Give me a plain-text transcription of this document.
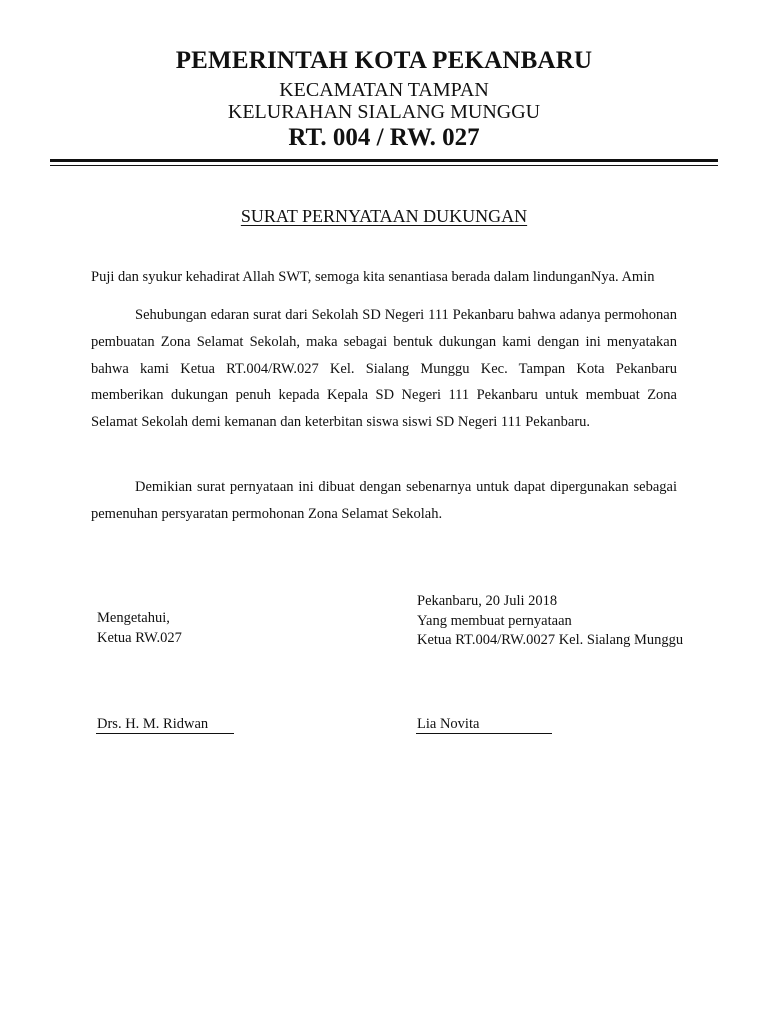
PEMERINTAH KOTA PEKANBARU
KECAMATAN TAMPAN
KELURAHAN SIALANG MUNGGU
RT. 004 / RW. 027
SURAT PERNYATAAN DUKUNGAN

Puji dan syukur kehadirat Allah SWT, semoga kita senantiasa berada dalam lindunganNya. Amin

Sehubungan edaran surat dari Sekolah SD Negeri 111 Pekanbaru bahwa adanya permohonan pembuatan Zona Selamat Sekolah, maka sebagai bentuk dukungan kami dengan ini menyatakan bahwa kami Ketua RT.004/RW.027 Kel. Sialang Munggu Kec. Tampan Kota Pekanbaru memberikan dukungan penuh kepada Kepala SD Negeri 111 Pekanbaru untuk membuat Zona Selamat Sekolah demi kemanan dan keterbitan siswa siswi SD Negeri 111 Pekanbaru.

Demikian surat pernyataan ini dibuat dengan sebenarnya untuk dapat dipergunakan sebagai pemenuhan persyaratan permohonan Zona Selamat Sekolah.

Mengetahui,
Ketua RW.027
Pekanbaru, 20 Juli 2018
Yang membuat pernyataan
Ketua RT.004/RW.0027 Kel. Sialang Munggu
Drs. H. M. Ridwan	Lia Novita
